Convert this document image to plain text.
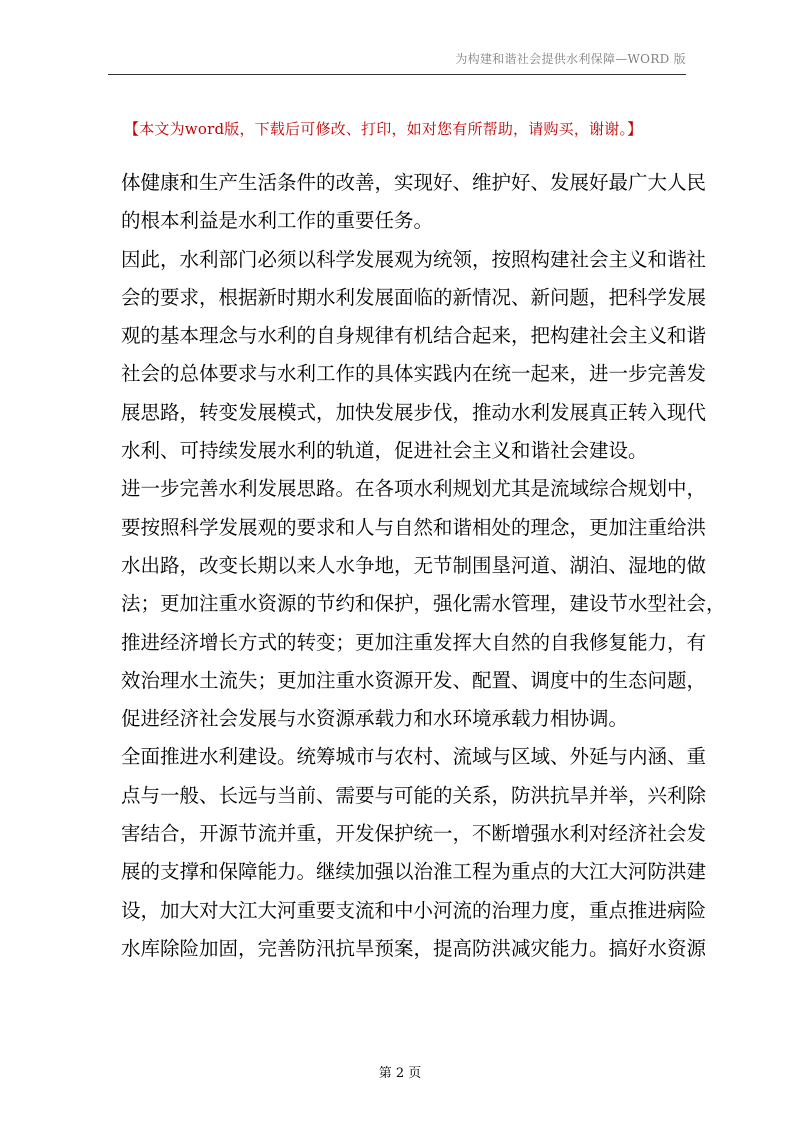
为构建和谐社会提供水利保障—WORD 版
【本文为word版，下载后可修改、打印，如对您有所帮助，请购买，谢谢。】

体健康和生产生活条件的改善，实现好、维护好、发展好最广大人民
的根本利益是水利工作的重要任务。

因此，水利部门必须以科学发展观为统领，按照构建社会主义和谐社
会的要求，根据新时期水利发展面临的新情况、新问题，把科学发展
观的基本理念与水利的自身规律有机结合起来，把构建社会主义和谐
社会的总体要求与水利工作的具体实践内在统一起来，进一步完善发
展思路，转变发展模式，加快发展步伐，推动水利发展真正转入现代
水利、可持续发展水利的轨道，促进社会主义和谐社会建设。

进一步完善水利发展思路。在各项水利规划尤其是流域综合规划中，
要按照科学发展观的要求和人与自然和谐相处的理念，更加注重给洪
水出路，改变长期以来人水争地，无节制围垦河道、湖泊、湿地的做
法；更加注重水资源的节约和保护，强化需水管理，建设节水型社会，
推进经济增长方式的转变；更加注重发挥大自然的自我修复能力，有
效治理水土流失；更加注重水资源开发、配置、调度中的生态问题，
促进经济社会发展与水资源承载力和水环境承载力相协调。

全面推进水利建设。统筹城市与农村、流域与区域、外延与内涵、重
点与一般、长远与当前、需要与可能的关系，防洪抗旱并举，兴利除
害结合，开源节流并重，开发保护统一，不断增强水利对经济社会发
展的支撑和保障能力。继续加强以治淮工程为重点的大江大河防洪建
设，加大对大江大河重要支流和中小河流的治理力度，重点推进病险
水库除险加固，完善防汛抗旱预案，提高防洪减灾能力。搞好水资源

第 2 页
